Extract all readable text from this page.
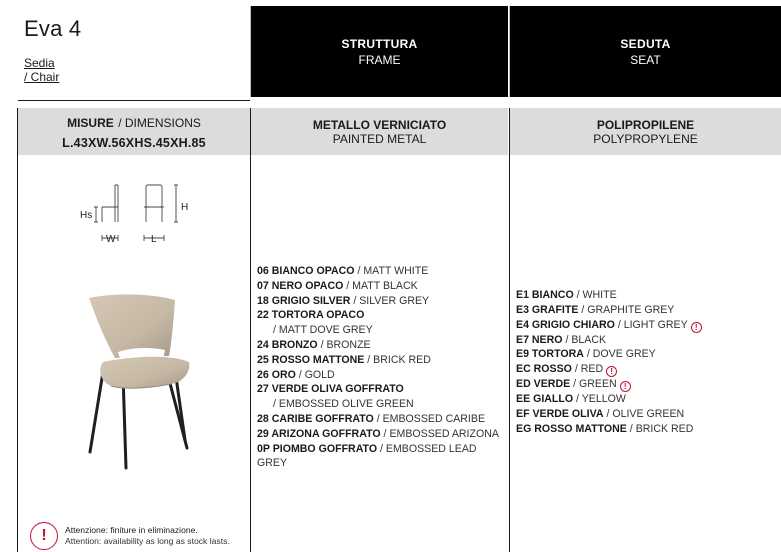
Eva 4
Sedia
/ Chair
STRUTTURA
FRAME
SEDUTA
SEAT
MISURE / DIMENSIONS
L.43XW.56XHS.45XH.85
METALLO VERNICIATO
PAINTED METAL
POLIPROPILENE
POLYPROPYLENE
Hs
W
H
L
06 BIANCO OPACO / MATT WHITE
07 NERO OPACO / MATT BLACK
18 GRIGIO SILVER / SILVER GREY
22 TORTORA OPACO
/ MATT DOVE GREY
24 BRONZO / BRONZE
25 ROSSO MATTONE / BRICK RED
26 ORO / GOLD
27 VERDE OLIVA GOFFRATO
/ EMBOSSED OLIVE GREEN
28 CARIBE GOFFRATO / EMBOSSED CARIBE
29 ARIZONA GOFFRATO / EMBOSSED ARIZONA
0P PIOMBO GOFFRATO / EMBOSSED LEAD GREY
E1 BIANCO / WHITE
E3 GRAFITE / GRAPHITE GREY
E4 GRIGIO CHIARO / LIGHT GREY !
E7 NERO / BLACK
E9 TORTORA / DOVE GREY
EC ROSSO / RED !
ED VERDE / GREEN !
EE GIALLO / YELLOW
EF VERDE OLIVA / OLIVE GREEN
EG ROSSO MATTONE / BRICK RED
!	Attenzione: finiture in eliminazione.
Attention: availability as long as stock lasts.
